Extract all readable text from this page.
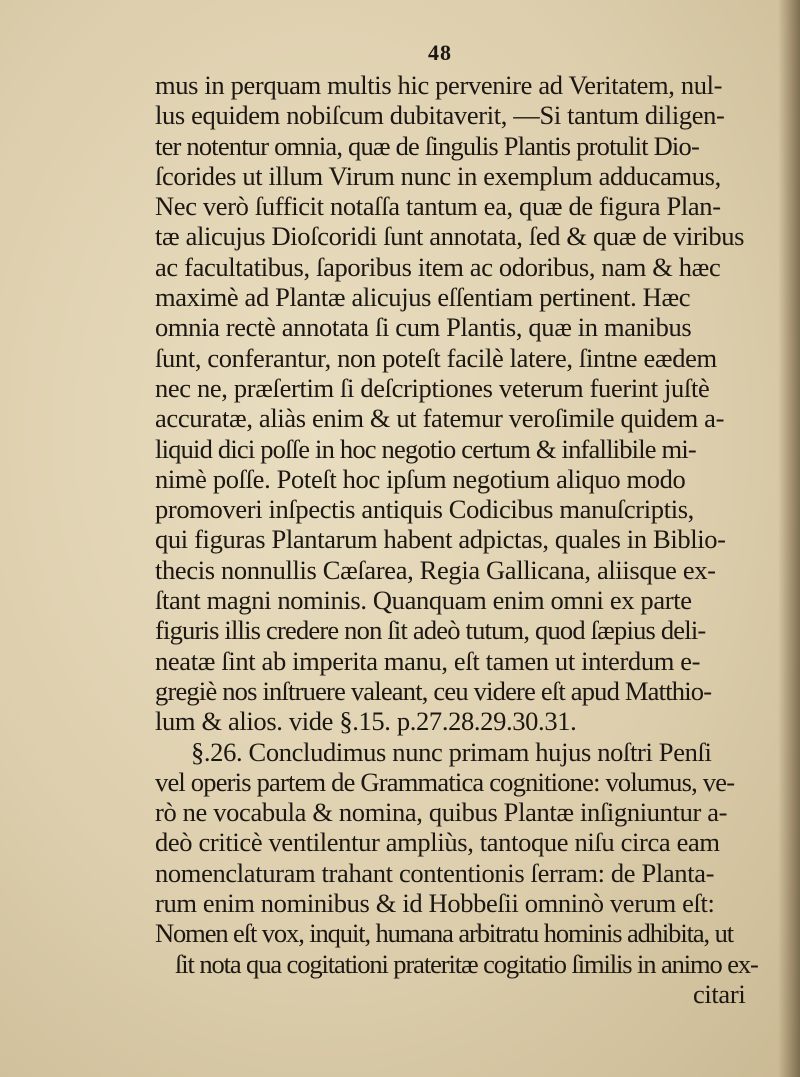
48
mus in perquam multis hic pervenire ad Veritatem, nul-
lus equidem nobiſcum dubitaverit, —Si tantum diligen-
ter notentur omnia, quæ de ſingulis Plantis protulit Dio-
ſcorides ut illum Virum nunc in exemplum adducamus,
Nec verò ſufficit notaſſa tantum ea, quæ de figura Plan-
tæ alicujus Dioſcoridi ſunt annotata, ſed & quæ de viribus
ac facultatibus, ſaporibus item ac odoribus, nam & hæc
maximè ad Plantæ alicujus eſſentiam pertinent. Hæc
omnia rectè annotata ſi cum Plantis, quæ in manibus
ſunt, conferantur, non poteſt facilè latere, ſintne eædem
nec ne, præſertim ſi deſcriptiones veterum fuerint juſtè
accuratæ, aliàs enim & ut fatemur veroſimile quidem a-
liquid dici poſſe in hoc negotio certum & infallibile mi-
nimè poſſe. Poteſt hoc ipſum negotium aliquo modo
promoveri inſpectis antiquis Codicibus manuſcriptis,
qui figuras Plantarum habent adpictas, quales in Biblio-
thecis nonnullis Cæſarea, Regia Gallicana, aliisque ex-
ſtant magni nominis. Quanquam enim omni ex parte
figuris illis credere non ſit adeò tutum, quod ſæpius deli-
neatæ ſint ab imperita manu, eſt tamen ut interdum e-
gregiè nos inſtruere valeant, ceu videre eſt apud Matthio-
lum & alios. vide §.15. p.27.28.29.30.31.
§.26. Concludimus nunc primam hujus noſtri Penſi
vel operis partem de Grammatica cognitione: volumus, ve-
rò ne vocabula & nomina, quibus Plantæ inſigniuntur a-
deò criticè ventilentur ampliùs, tantoque niſu circa eam
nomenclaturam trahant contentionis ſerram: de Planta-
rum enim nominibus & id Hobbeſii omninò verum eſt:
Nomen eſt vox, inquit, humana arbitratu hominis adhibita, ut
ſit nota qua cogitationi prateritæ cogitatio ſimilis in animo ex-
citari
